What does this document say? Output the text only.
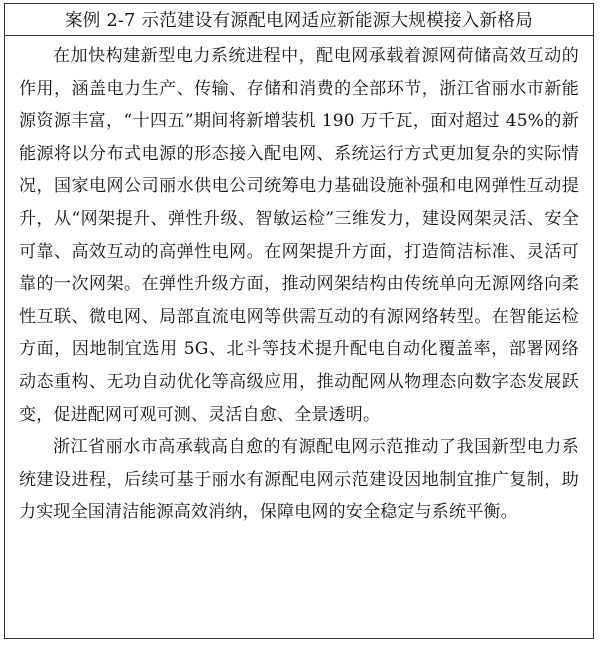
案例 2-7 示范建设有源配电网适应新能源大规模接入新格局

在加快构建新型电力系统进程中，配电网承载着源网荷储高效互动的作用，涵盖电力生产、传输、存储和消费的全部环节，浙江省丽水市新能源资源丰富，“十四五”期间将新增装机 190 万千瓦，面对超过 45%的新能源将以分布式电源的形态接入配电网、系统运行方式更加复杂的实际情况，国家电网公司丽水供电公司统筹电力基础设施补强和电网弹性互动提升，从“网架提升、弹性升级、智敏运检”三维发力，建设网架灵活、安全可靠、高效互动的高弹性电网。在网架提升方面，打造简洁标准、灵活可靠的一次网架。在弹性升级方面，推动网架结构由传统单向无源网络向柔性互联、微电网、局部直流电网等供需互动的有源网络转型。在智能运检方面，因地制宜选用 5G、北斗等技术提升配电自动化覆盖率，部署网络动态重构、无功自动优化等高级应用，推动配网从物理态向数字态发展跃变，促进配网可观可测、灵活自愈、全景透明。

浙江省丽水市高承载高自愈的有源配电网示范推动了我国新型电力系统建设进程，后续可基于丽水有源配电网示范建设因地制宜推广复制，助力实现全国清洁能源高效消纳，保障电网的安全稳定与系统平衡。
